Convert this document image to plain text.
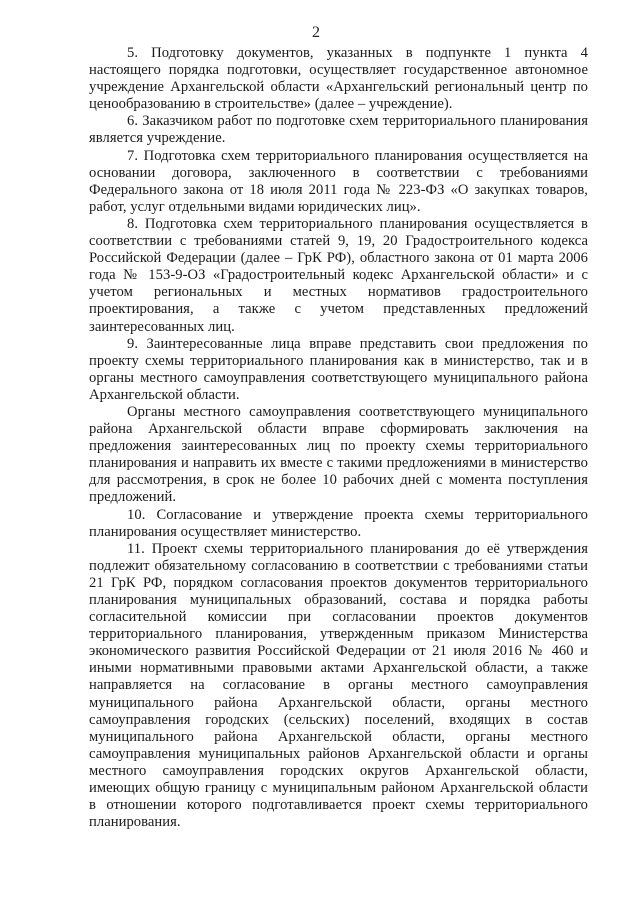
2

5. Подготовку документов, указанных в подпункте 1 пункта 4 настоящего порядка подготовки, осуществляет государственное автономное учреждение Архангельской области «Архангельский региональный центр по ценообразованию в строительстве» (далее – учреждение).

6. Заказчиком работ по подготовке схем территориального планирования является учреждение.

7. Подготовка схем территориального планирования осуществляется на основании договора, заключенного в соответствии с требованиями Федерального закона от 18 июля 2011 года № 223-ФЗ «О закупках товаров, работ, услуг отдельными видами юридических лиц».

8. Подготовка схем территориального планирования осуществляется в соответствии с требованиями статей 9, 19, 20 Градостроительного кодекса Российской Федерации (далее – ГрК РФ), областного закона от 01 марта 2006 года № 153-9-ОЗ «Градостроительный кодекс Архангельской области» и с учетом региональных и местных нормативов градостроительного проектирования, а также с учетом представленных предложений заинтересованных лиц.

9. Заинтересованные лица вправе представить свои предложения по проекту схемы территориального планирования как в министерство, так и в органы местного самоуправления соответствующего муниципального района Архангельской области.

Органы местного самоуправления соответствующего муниципального района Архангельской области вправе сформировать заключения на предложения заинтересованных лиц по проекту схемы территориального планирования и направить их вместе с такими предложениями в министерство для рассмотрения, в срок не более 10 рабочих дней с момента поступления предложений.

10. Согласование и утверждение проекта схемы территориального планирования осуществляет министерство.

11. Проект схемы территориального планирования до её утверждения подлежит обязательному согласованию в соответствии с требованиями статьи 21 ГрК РФ, порядком согласования проектов документов территориального планирования муниципальных образований, состава и порядка работы согласительной комиссии при согласовании проектов документов территориального планирования, утвержденным приказом Министерства экономического развития Российской Федерации от 21 июля 2016 № 460 и иными нормативными правовыми актами Архангельской области, а также направляется на согласование в органы местного самоуправления муниципального района Архангельской области, органы местного самоуправления городских (сельских) поселений, входящих в состав муниципального района Архангельской области, органы местного самоуправления муниципальных районов Архангельской области и органы местного самоуправления городских округов Архангельской области, имеющих общую границу с муниципальным районом Архангельской области в отношении которого подготавливается проект схемы территориального планирования.
